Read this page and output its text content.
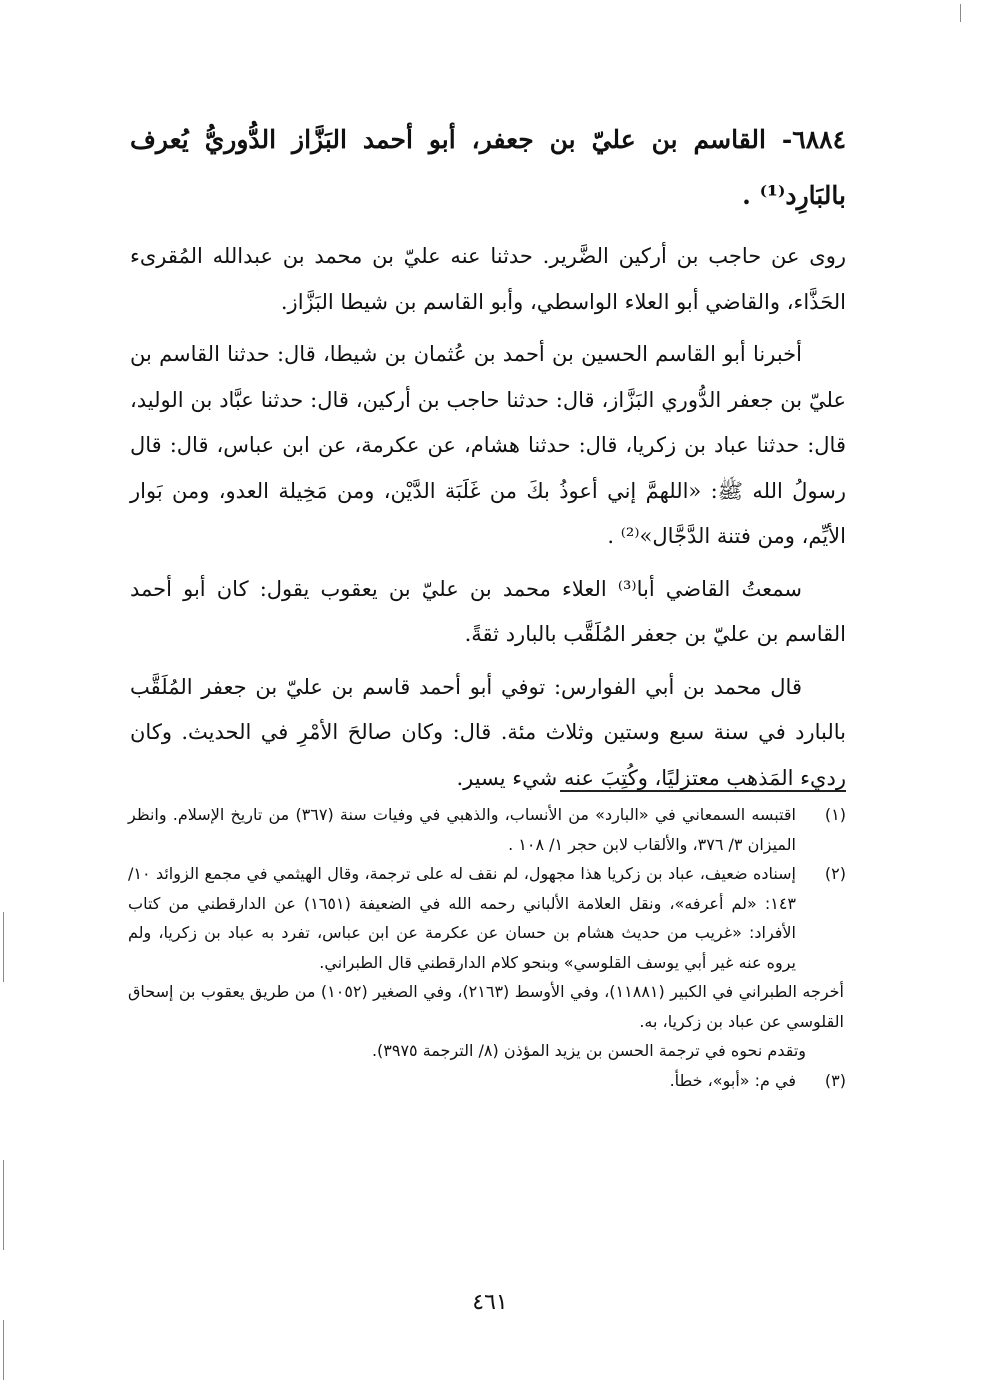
٦٨٨٤- القاسم بن عليّ بن جعفر، أبو أحمد البَزَّاز الدُّوريُّ يُعرف بالبَارِد⁽¹⁾ .

روى عن حاجب بن أركين الضَّرير. حدثنا عنه عليّ بن محمد بن عبدالله المُقرىء الحَذَّاء، والقاضي أبو العلاء الواسطي، وأبو القاسم بن شيطا البَزَّاز.

أخبرنا أبو القاسم الحسين بن أحمد بن عُثمان بن شيطا، قال: حدثنا القاسم بن عليّ بن جعفر الدُّوري البَزَّاز، قال: حدثنا حاجب بن أركين، قال: حدثنا عبَّاد بن الوليد، قال: حدثنا عباد بن زكريا، قال: حدثنا هشام، عن عكرمة، عن ابن عباس، قال: قال رسولُ الله ﷺ: «اللهمَّ إني أعوذُ بكَ من غَلَبَة الدَّيْن، ومن مَخِيلة العدو، ومن بَوار الأيِّم، ومن فتنة الدَّجَّال»⁽²⁾ .

سمعتُ القاضي أبا⁽³⁾ العلاء محمد بن عليّ بن يعقوب يقول: كان أبو أحمد القاسم بن عليّ بن جعفر المُلَقَّب بالبارد ثقةً.

قال محمد بن أبي الفوارس: توفي أبو أحمد قاسم بن عليّ بن جعفر المُلَقَّب بالبارد في سنة سبع وستين وثلاث مئة. قال: وكان صالحَ الأمْرِ في الحديث. وكان رديء المَذهب معتزليًا، وكُتِبَ عنه شيء يسير.

(١)

اقتبسه السمعاني في «البارد» من الأنساب، والذهبي في وفيات سنة (٣٦٧) من تاريخ الإسلام. وانظر الميزان ٣/ ٣٧٦، والألقاب لابن حجر ١/ ١٠٨ .

(٢)

إسناده ضعيف، عباد بن زكريا هذا مجهول، لم نقف له على ترجمة، وقال الهيثمي في مجمع الزوائد ١٠/ ١٤٣: «لم أعرفه»، ونقل العلامة الألباني رحمه الله في الضعيفة (١٦٥١) عن الدارقطني من كتاب الأفراد: «غريب من حديث هشام بن حسان عن عكرمة عن ابن عباس، تفرد به عباد بن زكريا، ولم يروه عنه غير أبي يوسف القلوسي» وبنحو كلام الدارقطني قال الطبراني.

أخرجه الطبراني في الكبير (١١٨٨١)، وفي الأوسط (٢١٦٣)، وفي الصغير (١٠٥٢) من طريق يعقوب بن إسحاق القلوسي عن عباد بن زكريا، به.

وتقدم نحوه في ترجمة الحسن بن يزيد المؤذن (٨/ الترجمة ٣٩٧٥).

(٣)

في م: «أبو»، خطأ.

٤٦١
